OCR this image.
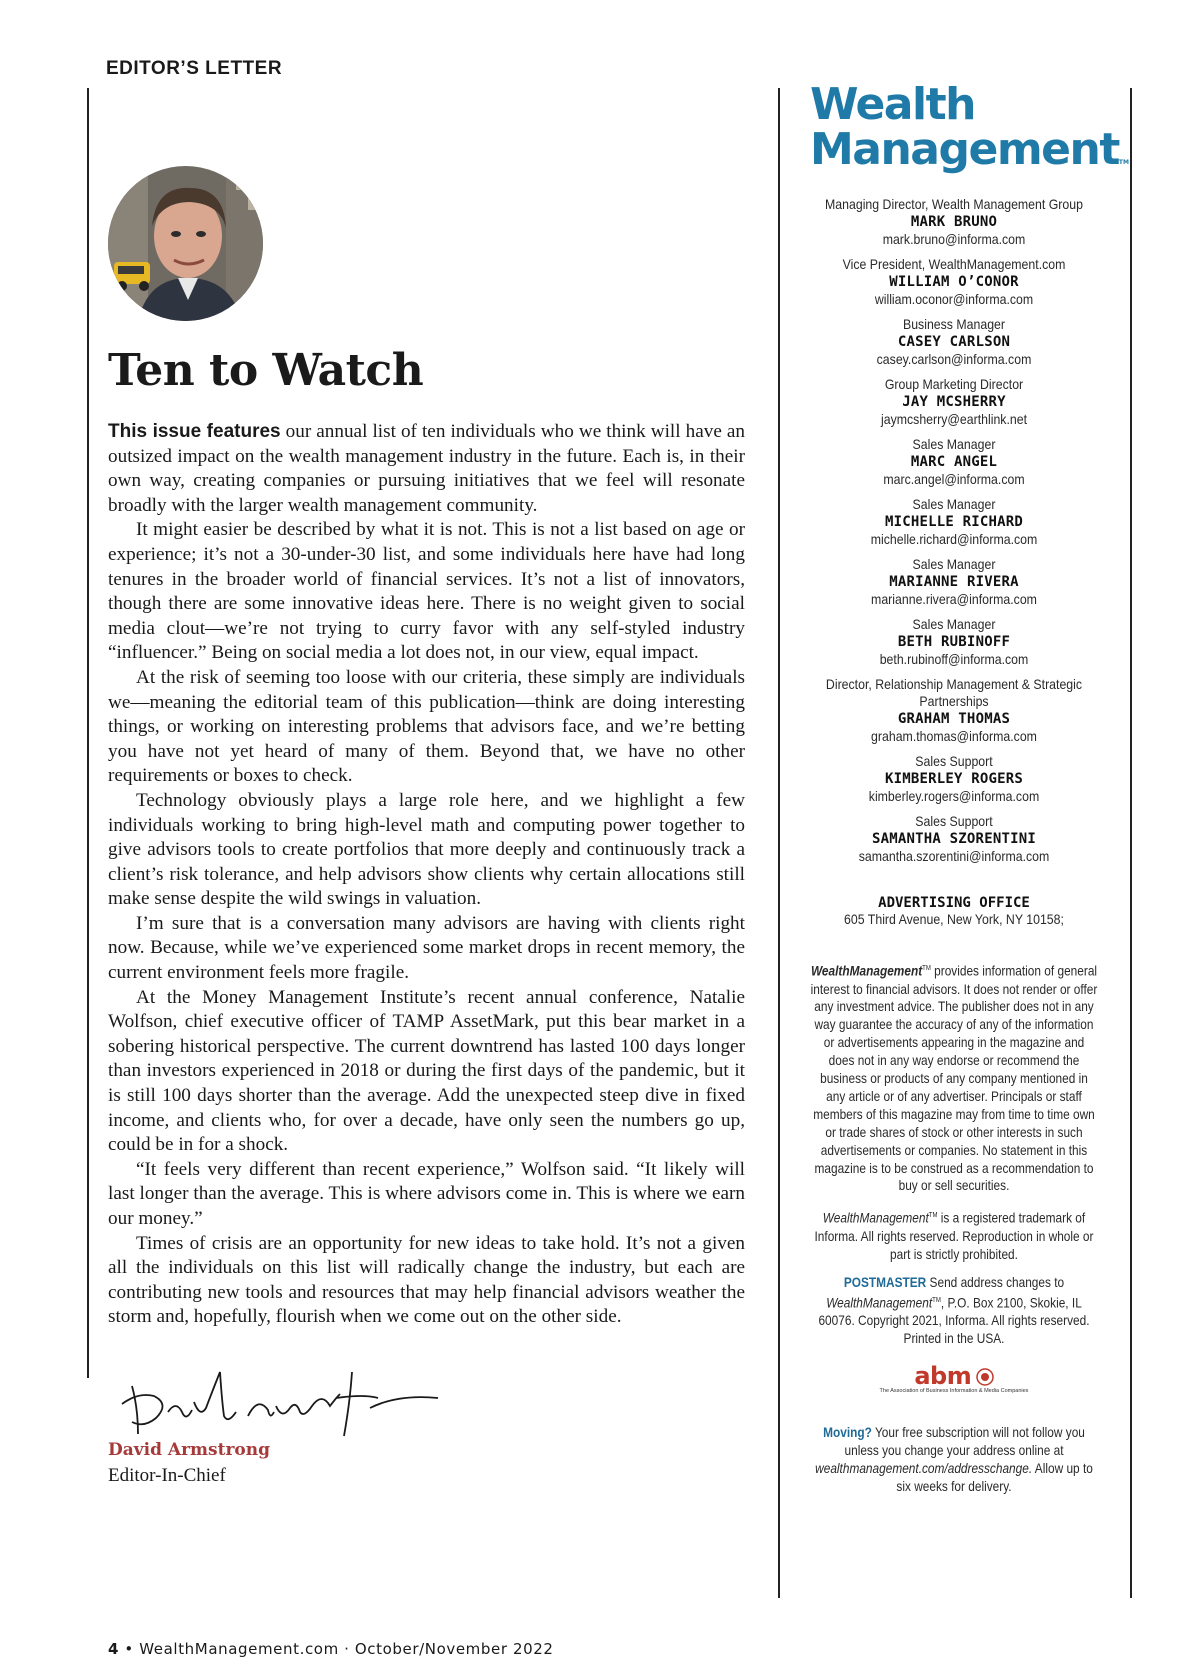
EDITOR’S LETTER
Ten to Watch

This issue features our annual list of ten individuals who we think will have an outsized impact on the wealth management industry in the future. Each is, in their own way, creating companies or pursuing initiatives that we feel will resonate broadly with the larger wealth management community.

It might easier be described by what it is not. This is not a list based on age or experience; it’s not a 30-under-30 list, and some individuals here have had long tenures in the broader world of financial services. It’s not a list of innovators, though there are some innovative ideas here. There is no weight given to social media clout—we’re not trying to curry favor with any self-styled industry “influencer.” Being on social media a lot does not, in our view, equal impact.

At the risk of seeming too loose with our criteria, these simply are individuals we—meaning the editorial team of this publication—think are doing interesting things, or working on interesting problems that advisors face, and we’re betting you have not yet heard of many of them. Beyond that, we have no other requirements or boxes to check.

Technology obviously plays a large role here, and we highlight a few individuals working to bring high-level math and computing power together to give advisors tools to create portfolios that more deeply and continuously track a client’s risk tolerance, and help advisors show clients why certain allocations still make sense despite the wild swings in valuation.

I’m sure that is a conversation many advisors are having with clients right now. Because, while we’ve experienced some market drops in recent memory, the current environment feels more fragile.

At the Money Management Institute’s recent annual conference, Natalie Wolfson, chief executive officer of TAMP AssetMark, put this bear market in a sobering historical perspective. The current downtrend has lasted 100 days longer than investors experienced in 2018 or during the first days of the pandemic, but it is still 100 days shorter than the average. Add the unexpected steep dive in fixed income, and clients who, for over a decade, have only seen the numbers go up, could be in for a shock.

“It feels very different than recent experience,” Wolfson said. “It likely will last longer than the average. This is where advisors come in. This is where we earn our money.”

Times of crisis are an opportunity for new ideas to take hold. It’s not a given all the individuals on this list will radically change the industry, but each are contributing new tools and resources that may help financial advisors weather the storm and, hopefully, flourish when we come out on the other side.

David Armstrong
Editor-In-Chief
4 • WealthManagement.com · October/November 2022
Wealth
ManagementTM
Managing Director, Wealth Management Group
MARK BRUNO
mark.bruno@informa.com
Vice President, WealthManagement.com
WILLIAM O’CONOR
william.oconor@informa.com
Business Manager
CASEY CARLSON
casey.carlson@informa.com
Group Marketing Director
JAY MCSHERRY
jaymcsherry@earthlink.net
Sales Manager
MARC ANGEL
marc.angel@informa.com
Sales Manager
MICHELLE RICHARD
michelle.richard@informa.com
Sales Manager
MARIANNE RIVERA
marianne.rivera@informa.com
Sales Manager
BETH RUBINOFF
beth.rubinoff@informa.com
Director, Relationship Management & Strategic Partnerships
GRAHAM THOMAS
graham.thomas@informa.com
Sales Support
KIMBERLEY ROGERS
kimberley.rogers@informa.com
Sales Support
SAMANTHA SZORENTINI
samantha.szorentini@informa.com
ADVERTISING OFFICE
605 Third Avenue, New York, NY 10158;
WealthManagement™ provides information of general interest to financial advisors. It does not render or offer any investment advice. The publisher does not in any way guarantee the accuracy of any of the information or advertisements appearing in the magazine and does not in any way endorse or recommend the business or products of any company mentioned in any article or of any advertiser. Principals or staff members of this magazine may from time to time own or trade shares of stock or other interests in such advertisements or companies. No statement in this magazine is to be construed as a recommendation to buy or sell securities.
WealthManagement™ is a registered trademark of Informa. All rights reserved. Reproduction in whole or part is strictly prohibited.
POSTMASTER Send address changes to WealthManagement™, P.O. Box 2100, Skokie, IL 60076. Copyright 2021, Informa. All rights reserved. Printed in the USA.
abm
The Association of Business Information & Media Companies
Moving? Your free subscription will not follow you unless you change your address online at wealthmanagement.com/addresschange. Allow up to six weeks for delivery.
